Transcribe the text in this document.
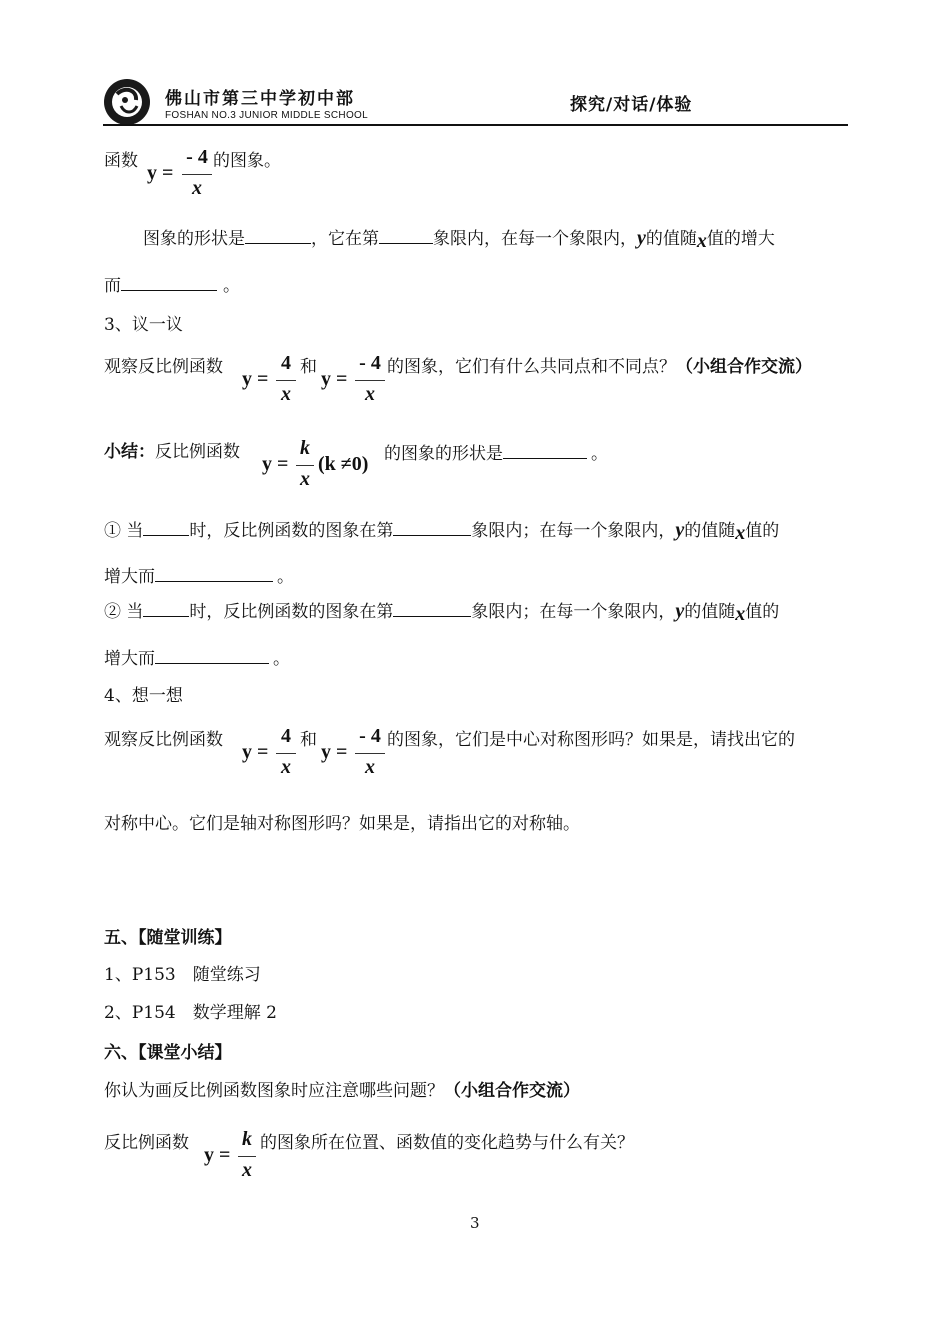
佛山市第三中学初中部
FOSHAN NO.3 JUNIOR MIDDLE SCHOOL
探究/对话/体验
函数
y =
- 4
x
的图象。
图象的形状是	，它在第	象限内，在每一个象限内，y的值随x值的增大
而	。
3、议一议
观察反比例函数
y =
4
x
和
y =
- 4
x
的图象，它们有什么共同点和不同点？（小组合作交流）
小结：反比例函数
y =
k
x
(k ≠0) 的图象的形状是	。
① 当	时，反比例函数的图象在第	象限内；在每一个象限内，y的值随x值的
增大而	。
② 当	时，反比例函数的图象在第	象限内；在每一个象限内，y的值随x值的
增大而	。
4、想一想
观察反比例函数
y =
4
x
和
y =
- 4
x
的图象，它们是中心对称图形吗？如果是，请找出它的
对称中心。它们是轴对称图形吗？如果是，请指出它的对称轴。
五、【随堂训练】
1、P153　随堂练习
2、P154　数学理解 2
六、【课堂小结】
你认为画反比例函数图象时应注意哪些问题？（小组合作交流）
反比例函数
y =
k
x
的图象所在位置、函数值的变化趋势与什么有关？
3
